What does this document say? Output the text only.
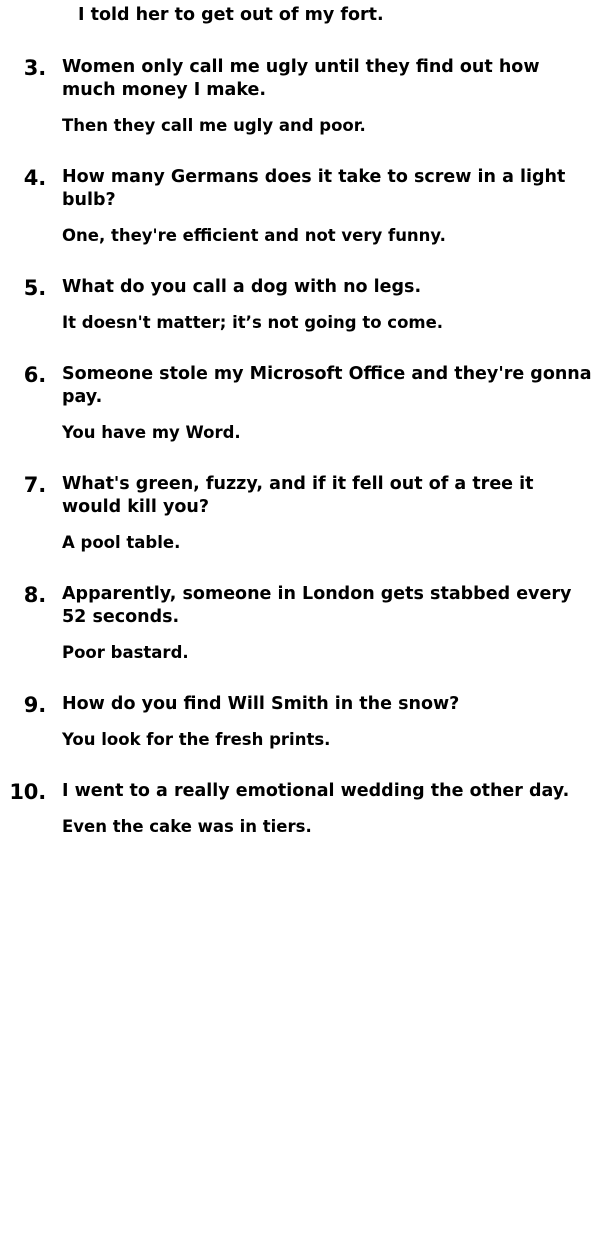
I told her to get out of my fort.

3. Women only call me ugly until they find out how much money I make.

Then they call me ugly and poor.

4. How many Germans does it take to screw in a light bulb?

One, they're efficient and not very funny.

5. What do you call a dog with no legs.

It doesn't matter; it’s not going to come.

6. Someone stole my Microsoft Office and they're gonna pay.

You have my Word.

7. What's green, fuzzy, and if it fell out of a tree it would kill you?

A pool table.

8. Apparently, someone in London gets stabbed every 52 seconds.

Poor bastard.

9. How do you find Will Smith in the snow?

You look for the fresh prints.

10. I went to a really emotional wedding the other day.

Even the cake was in tiers.
